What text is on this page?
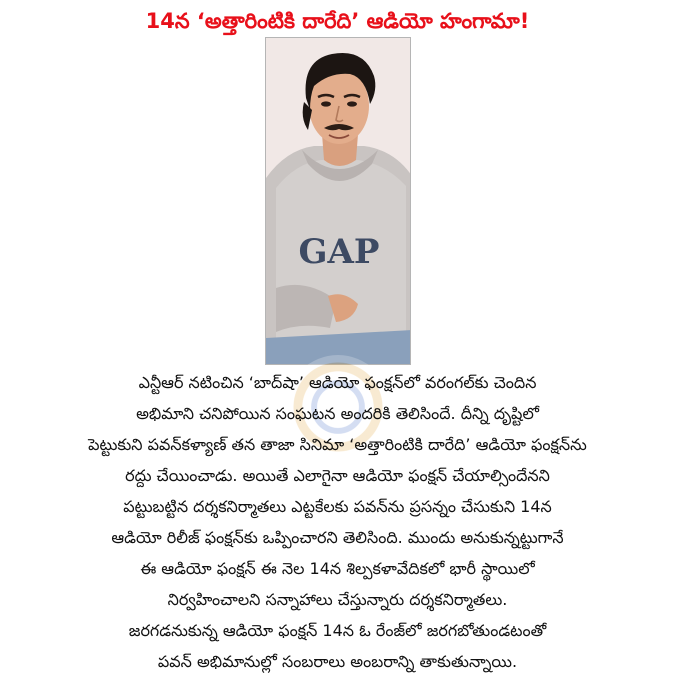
14న ‘అత్తారింటికి దారేది’ ఆడియో హంగామా!
GAP
ఎన్టీఆర్ నటించిన ‘బాద్‌షా’ ఆడియో ఫంక్షన్‌లో వరంగల్‌కు చెందిన
అభిమాని చనిపోయిన సంఘటన అందరికి తెలిసిందే. దీన్ని దృష్టిలో
పెట్టుకుని పవన్‌కళ్యాణ్ తన తాజా సినిమా ‘అత్తారింటికి దారేది’ ఆడియో ఫంక్షన్‌ను
రద్దు చేయించాడు. అయితే ఎలాగైనా ఆడియో ఫంక్షన్ చేయాల్సిందేనని
పట్టుబట్టిన దర్శకనిర్మాతలు ఎట్టకేలకు పవన్‌ను ప్రసన్నం చేసుకుని 14న
ఆడియో రిలీజ్ ఫంక్షన్‌కు ఒప్పించారని తెలిసింది. ముందు అనుకున్నట్టుగానే
ఈ ఆడియో ఫంక్షన్ ఈ నెల 14న శిల్పకళావేదికలో భారీ స్థాయిలో
నిర్వహించాలని సన్నాహాలు చేస్తున్నారు దర్శకనిర్మాతలు.
జరగడనుకున్న ఆడియో ఫంక్షన్ 14న ఓ రేంజ్‌లో జరగబోతుండటంతో
పవన్ అభిమానుల్లో సంబరాలు అంబరాన్ని తాకుతున్నాయి.
